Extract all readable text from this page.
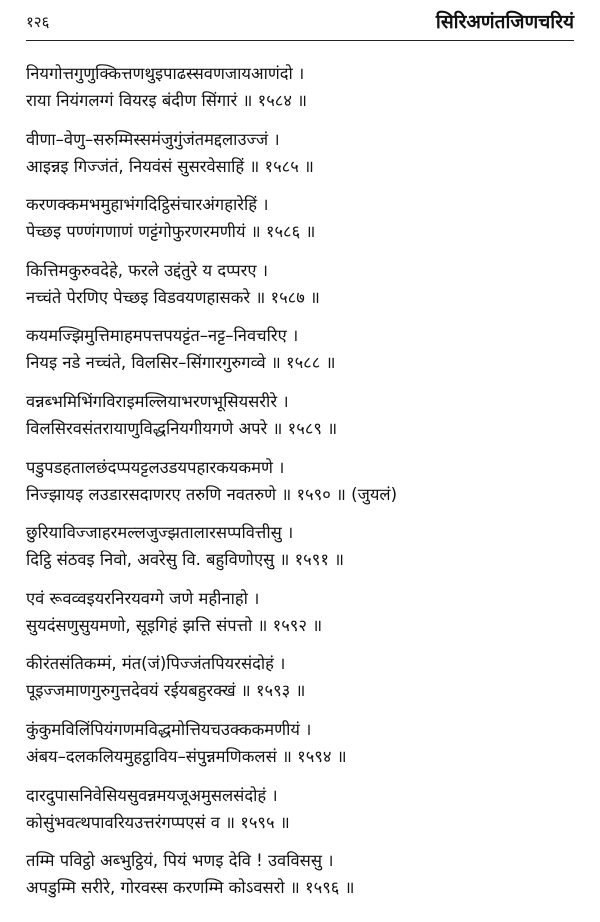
१२६	सिरिअणंतजिणचरियं
नियगोत्तगुणुक्कित्तणथुइपाढस्सवणजायआणंदो ।
राया नियंगलग्गं वियरइ बंदीण सिंगारं ॥ १५८४ ॥
वीणा–वेणु–सरुम्मिस्समंजुगुंजंतमद्दलाउज्जं ।
आइन्नइ गिज्जंतं, नियवंसं सुसरवेसाहिं ॥ १५८५ ॥
करणक्कमभमुहाभंगदिट्ठिसंचारअंगहारेहिं ।
पेच्छइ पण्णंगणाणं णट्टंगोफुरणरमणीयं ॥ १५८६ ॥
कित्तिमकुरुवदेहे, फरले उद्दंतुरे य दप्परए ।
नच्चंते पेरणिए पेच्छइ विडवयणहासकरे ॥ १५८७ ॥
कयमज्झिमुत्तिमाहमपत्तपयट्टंत–नट्ट–निवचरिए ।
नियइ नडे नच्चंते, विलसिर–सिंगारगुरुगव्वे ॥ १५८८ ॥
वन्नब्भमिभिंगविराइमल्लियाभरणभूसियसरीरे ।
विलसिरवसंतरायाणुविद्धनियगीयगणे अपरे ॥ १५८९ ॥
पडुपडहतालछंदप्पयट्टलउडयपहारकयकमणे ।
निज्झायइ लउडारसदाणरए तरुणि नवतरुणे ॥ १५९० ॥ (जुयलं)
छुरियाविज्जाहरमल्लजुज्झतालारसप्पवित्तीसु ।
दिट्ठि संठवइ निवो, अवरेसु वि. बहुविणोएसु ॥ १५९१ ॥
एवं रूवव्वइयरनिरयवग्गे जणे महीनाहो ।
सुयदंसणुसुयमणो, सूइगिहं झत्ति संपत्तो ॥ १५९२ ॥
कीरंतसंतिकम्मं, मंत(जं)पिज्जंतपियरसंदोहं ।
पूइज्जमाणगुरुगुत्तदेवयं रईयबहुरक्खं ॥ १५९३ ॥
कुंकुमविलिंपियंगणमविद्धमोत्तियचउक्ककमणीयं ।
अंबय–दलकलियमुहट्ठाविय–संपुन्नमणिकलसं ॥ १५९४ ॥
दारदुपासनिवेसियसुवन्नमयजूअमुसलसंदोहं ।
कोसुंभवत्थपावरियउत्तरंगप्पएसं व ॥ १५९५ ॥
तम्मि पविट्ठो अब्भुट्ठियं, पियं भणइ देवि ! उवविससु ।
अपडुम्मि सरीरे, गोरवस्स करणम्मि कोऽवसरो ॥ १५९६ ॥
